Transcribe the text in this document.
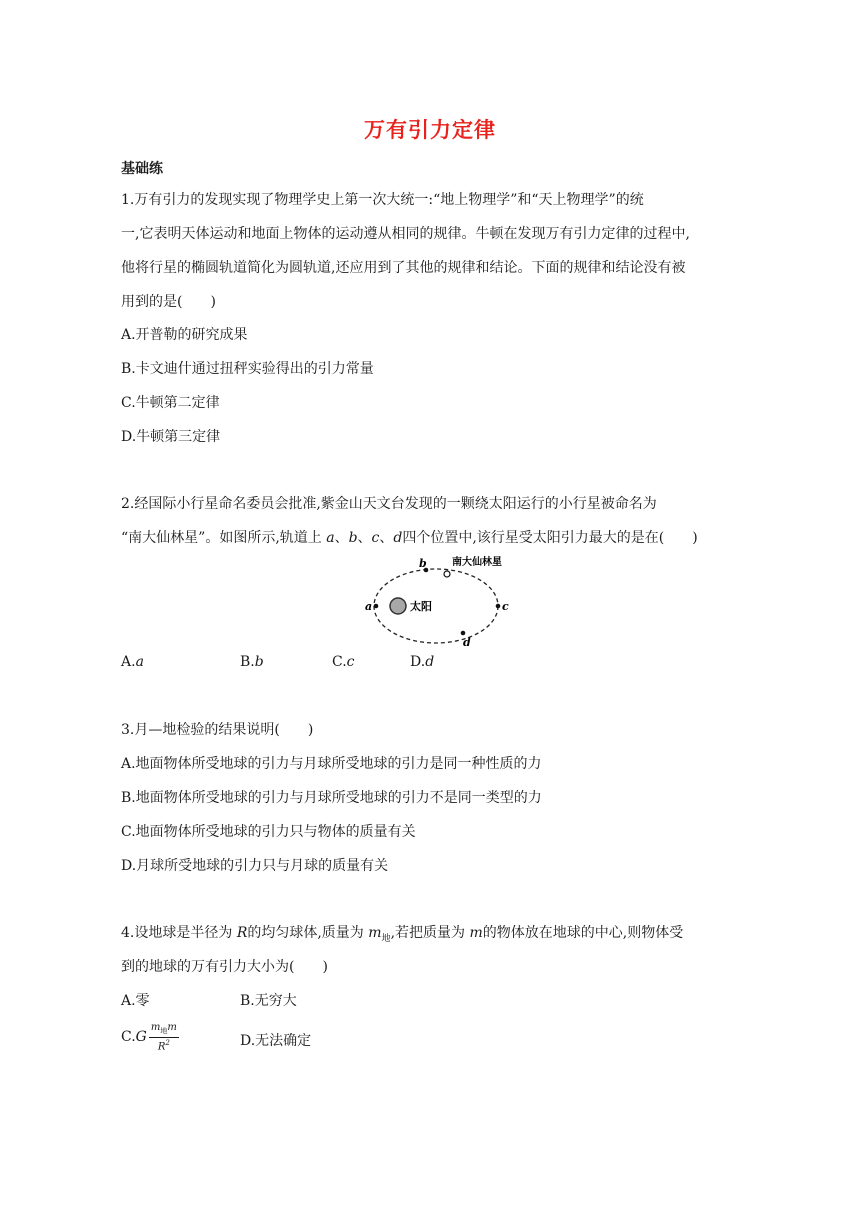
万有引力定律
基础练
1.万有引力的发现实现了物理学史上第一次大统一:“地上物理学”和“天上物理学”的统
一,它表明天体运动和地面上物体的运动遵从相同的规律。牛顿在发现万有引力定律的过程中,
他将行星的椭圆轨道简化为圆轨道,还应用到了其他的规律和结论。下面的规律和结论没有被
用到的是(　　)
A.开普勒的研究成果
B.卡文迪什通过扭秤实验得出的引力常量
C.牛顿第二定律
D.牛顿第三定律
2.经国际小行星命名委员会批准,紫金山天文台发现的一颗绕太阳运行的小行星被命名为
“南大仙林星”。如图所示,轨道上 a、b、c、d四个位置中,该行星受太阳引力最大的是在(　　)
太阳
a
b	南大仙林星
c
d
A.a	B.b	C.c	D.d
3.月—地检验的结果说明(　　)
A.地面物体所受地球的引力与月球所受地球的引力是同一种性质的力
B.地面物体所受地球的引力与月球所受地球的引力不是同一类型的力
C.地面物体所受地球的引力只与物体的质量有关
D.月球所受地球的引力只与月球的质量有关
4.设地球是半径为 R的均匀球体,质量为 $m_地$,若把质量为 m的物体放在地球的中心,则物体受
到的地球的万有引力大小为(　　)
A.零	B.无穷大
$C.G \frac{m_地m}{R^2}$	D.无法确定
